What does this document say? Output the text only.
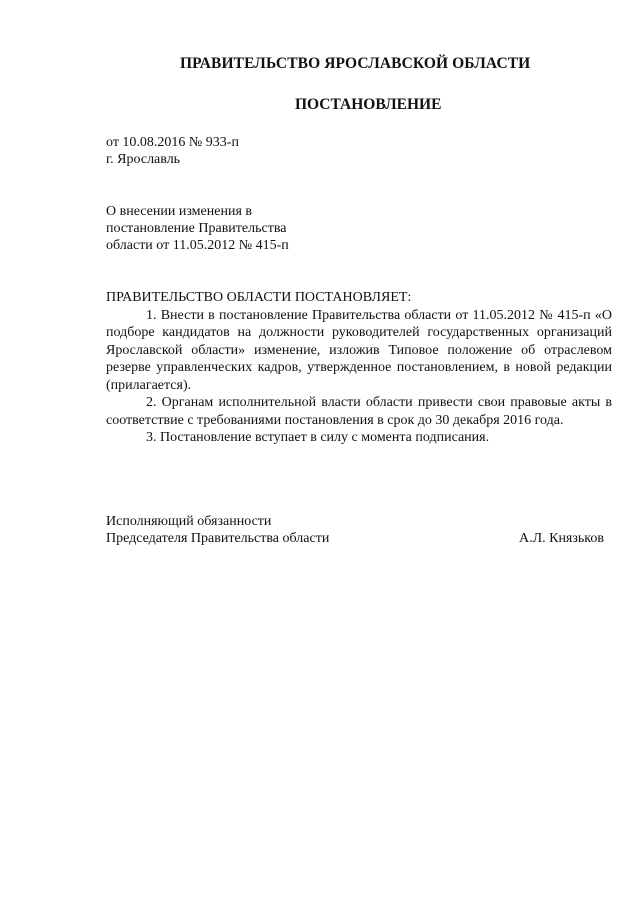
ПРАВИТЕЛЬСТВО ЯРОСЛАВСКОЙ ОБЛАСТИ
ПОСТАНОВЛЕНИЕ
от 10.08.2016 № 933-п
г. Ярославль
О внесении изменения в
постановление Правительства
области от 11.05.2012 № 415-п
ПРАВИТЕЛЬСТВО ОБЛАСТИ ПОСТАНОВЛЯЕТ:

1. Внести в постановление Правительства области от 11.05.2012 № 415-п «О подборе кандидатов на должности руководителей государственных организаций Ярославской области» изменение, изложив Типовое положение об отраслевом резерве управленческих кадров, утвержденное постановлением, в новой редакции (прилагается).

2. Органам исполнительной власти области привести свои правовые акты в соответствие с требованиями постановления в срок до 30 декабря 2016 года.

3. Постановление вступает в силу с момента подписания.

Исполняющий обязанности
Председателя Правительства области	А.Л. Князьков
